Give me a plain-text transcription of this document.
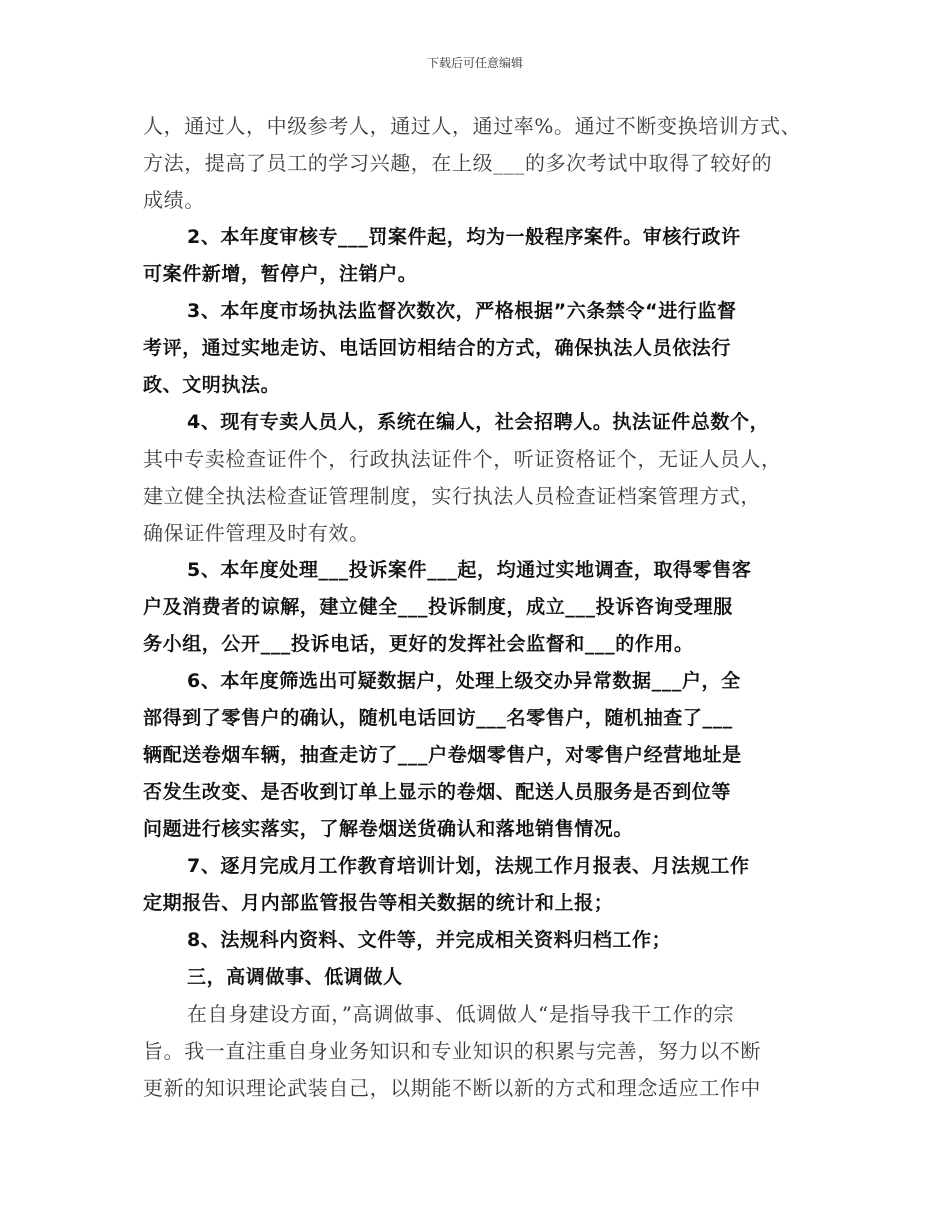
下载后可任意编辑
人，通过人，中级参考人，通过人，通过率%。通过不断变换培训方式、
方法，提高了员工的学习兴趣，在上级___的多次考试中取得了较好的
成绩。
2、本年度审核专___罚案件起，均为一般程序案件。审核行政许
可案件新增，暂停户，注销户。
3、本年度市场执法监督次数次，严格根据”六条禁令“进行监督
考评，通过实地走访、电话回访相结合的方式，确保执法人员依法行
政、文明执法。
4、现有专卖人员人，系统在编人，社会招聘人。执法证件总数个，
其中专卖检查证件个，行政执法证件个，听证资格证个，无证人员人，
建立健全执法检查证管理制度，实行执法人员检查证档案管理方式，
确保证件管理及时有效。
5、本年度处理___投诉案件___起，均通过实地调查，取得零售客
户及消费者的谅解，建立健全___投诉制度，成立___投诉咨询受理服
务小组，公开___投诉电话，更好的发挥社会监督和___的作用。
6、本年度筛选出可疑数据户，处理上级交办异常数据___户，全
部得到了零售户的确认，随机电话回访___名零售户，随机抽查了___
辆配送卷烟车辆，抽查走访了___户卷烟零售户，对零售户经营地址是
否发生改变、是否收到订单上显示的卷烟、配送人员服务是否到位等
问题进行核实落实，了解卷烟送货确认和落地销售情况。
7、逐月完成月工作教育培训计划，法规工作月报表、月法规工作
定期报告、月内部监管报告等相关数据的统计和上报；
8、法规科内资料、文件等，并完成相关资料归档工作；
三，高调做事、低调做人
在自身建设方面，”高调做事、低调做人“是指导我干工作的宗
旨。我一直注重自身业务知识和专业知识的积累与完善，努力以不断
更新的知识理论武装自己，以期能不断以新的方式和理念适应工作中
